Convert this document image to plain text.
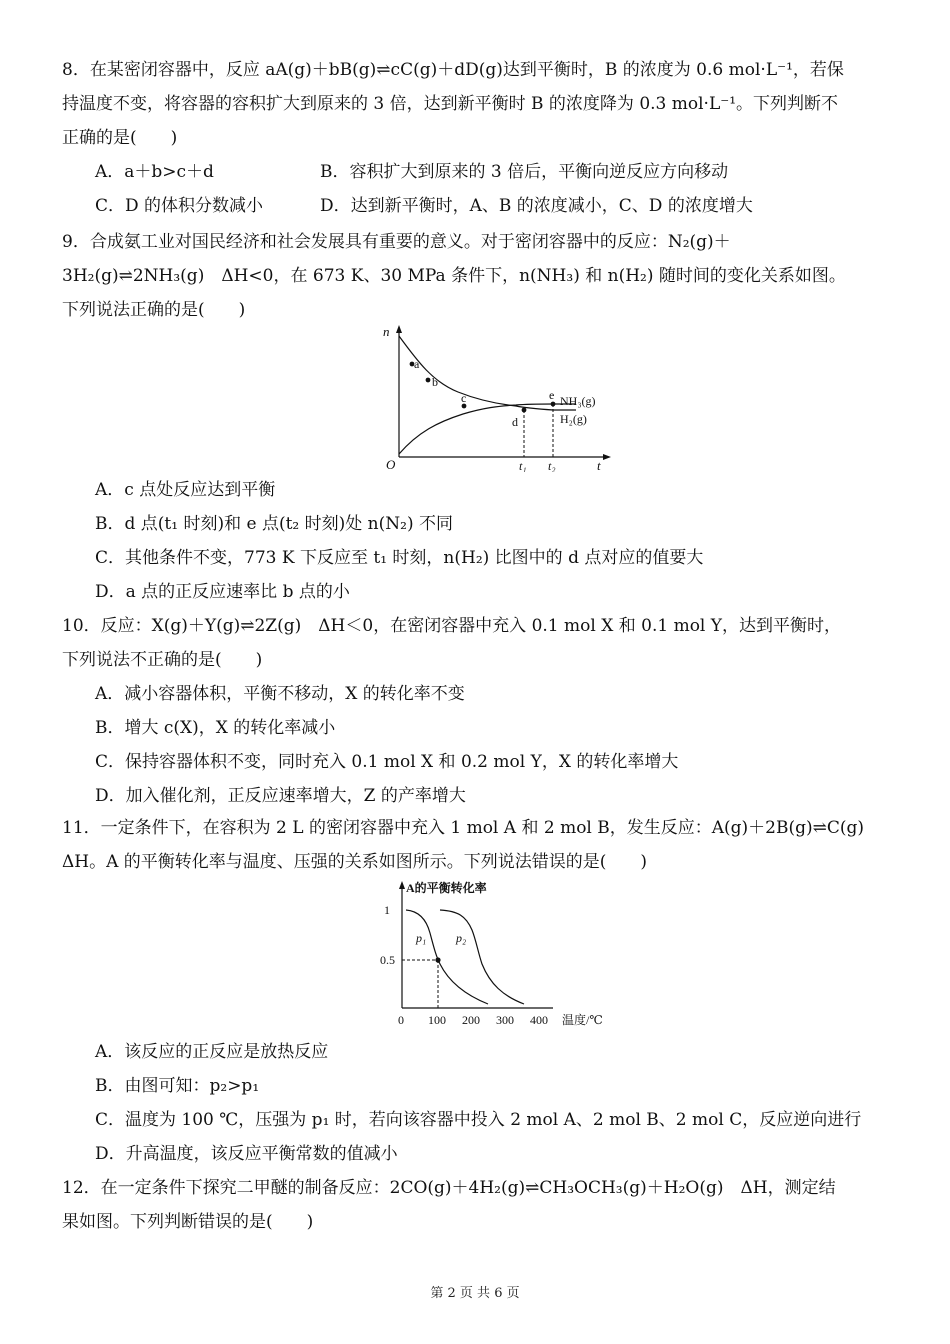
8．在某密闭容器中，反应 aA(g)＋bB(g)⇌cC(g)＋dD(g)达到平衡时，B 的浓度为 0.6 mol·L⁻¹，若保
持温度不变，将容器的容积扩大到原来的 3 倍，达到新平衡时 B 的浓度降为 0.3 mol·L⁻¹。下列判断不
正确的是(　　)
A．a＋b>c＋d	B．容积扩大到原来的 3 倍后，平衡向逆反应方向移动
C．D 的体积分数减小	D．达到新平衡时，A、B 的浓度减小，C、D 的浓度增大
9．合成氨工业对国民经济和社会发展具有重要的意义。对于密闭容器中的反应：N₂(g)＋
3H₂(g)⇌2NH₃(g)　ΔH<0，在 673 K、30 MPa 条件下，n(NH₃) 和 n(H₂) 随时间的变化关系如图。
下列说法正确的是(　　)
n
t
O
a
b
c
d
e NH₃(g)
H₂(g)
t₁ t₂
A．c 点处反应达到平衡
B．d 点(t₁ 时刻)和 e 点(t₂ 时刻)处 n(N₂) 不同
C．其他条件不变，773 K 下反应至 t₁ 时刻，n(H₂) 比图中的 d 点对应的值要大
D．a 点的正反应速率比 b 点的小
10．反应：X(g)＋Y(g)⇌2Z(g)　ΔH＜0，在密闭容器中充入 0.1 mol X 和 0.1 mol Y，达到平衡时，
下列说法不正确的是(　　)
A．减小容器体积，平衡不移动，X 的转化率不变
B．增大 c(X)，X 的转化率减小
C．保持容器体积不变，同时充入 0.1 mol X 和 0.2 mol Y，X 的转化率增大
D．加入催化剂，正反应速率增大，Z 的产率增大
11．一定条件下，在容积为 2 L 的密闭容器中充入 1 mol A 和 2 mol B，发生反应：A(g)＋2B(g)⇌C(g)
ΔH。A 的平衡转化率与温度、压强的关系如图所示。下列说法错误的是(　　)
A的平衡转化率
1
0.5
p₁ p₂
0 100 200 300 400 温度/℃
A．该反应的正反应是放热反应
B．由图可知：p₂>p₁
C．温度为 100 ℃，压强为 p₁ 时，若向该容器中投入 2 mol A、2 mol B、2 mol C，反应逆向进行
D．升高温度，该反应平衡常数的值减小
12．在一定条件下探究二甲醚的制备反应：2CO(g)＋4H₂(g)⇌CH₃OCH₃(g)＋H₂O(g)　ΔH，测定结
果如图。下列判断错误的是(　　)
第 2 页 共 6 页
